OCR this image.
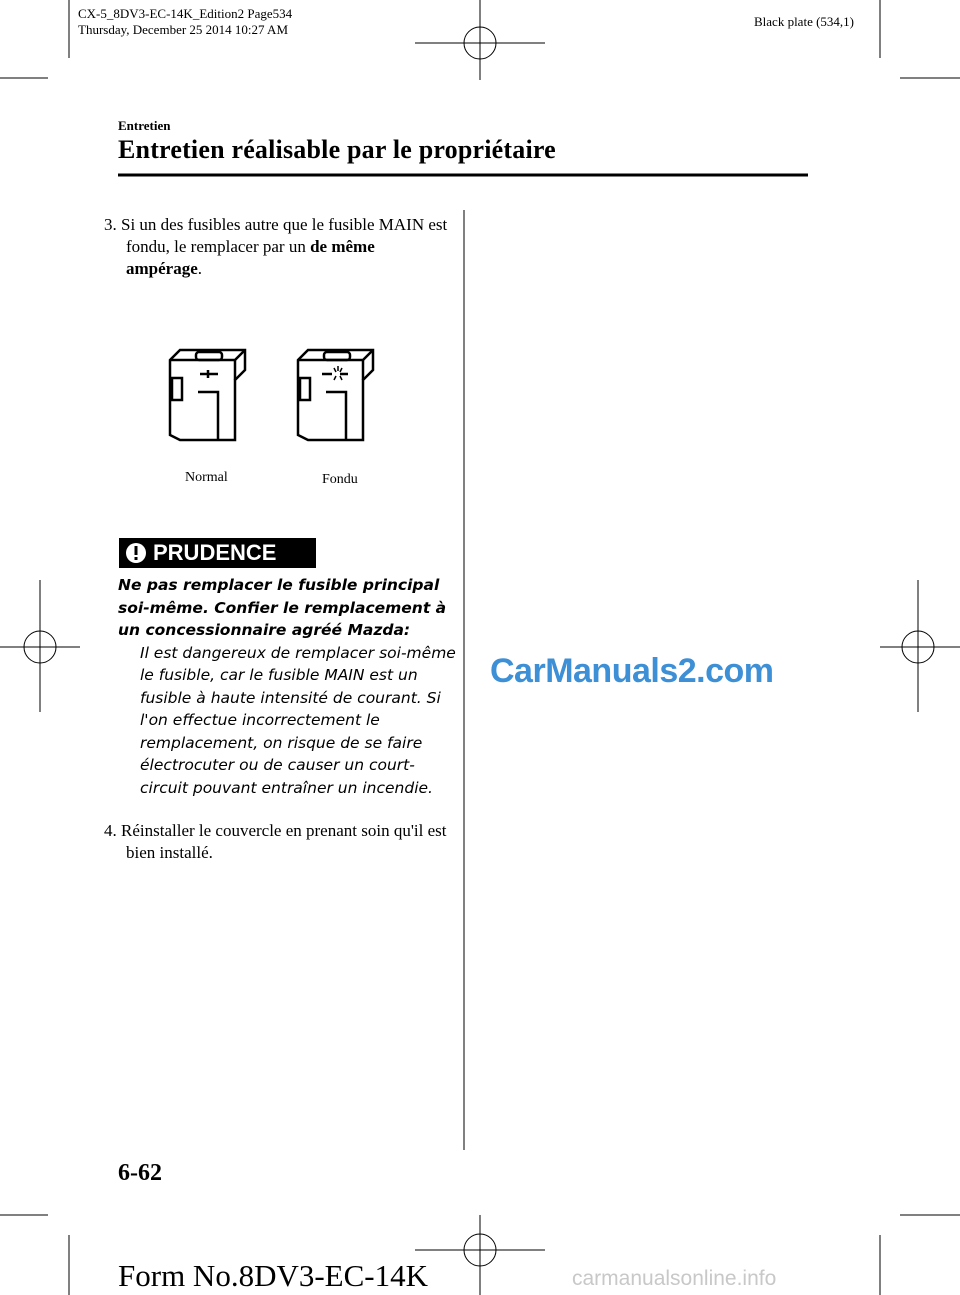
CX-5_8DV3-EC-14K_Edition2 Page534
Thursday, December 25 2014 10:27 AM
Black plate (534,1)
Entretien
Entretien réalisable par le propriétaire
3. Si un des fusibles autre que le fusible MAIN est fondu, le remplacer par un de même ampérage.
Normal	Fondu
PRUDENCE
Ne pas remplacer le fusible principal soi-même. Confier le remplacement à un concessionnaire agréé Mazda:
Il est dangereux de remplacer soi-même le fusible, car le fusible MAIN est un fusible à haute intensité de courant. Si l'on effectue incorrectement le remplacement, on risque de se faire électrocuter ou de causer un court-circuit pouvant entraîner un incendie.
4. Réinstaller le couvercle en prenant soin qu'il est bien installé.
CarManuals2.com
6-62
Form No.8DV3-EC-14K	carmanualsonline.info
